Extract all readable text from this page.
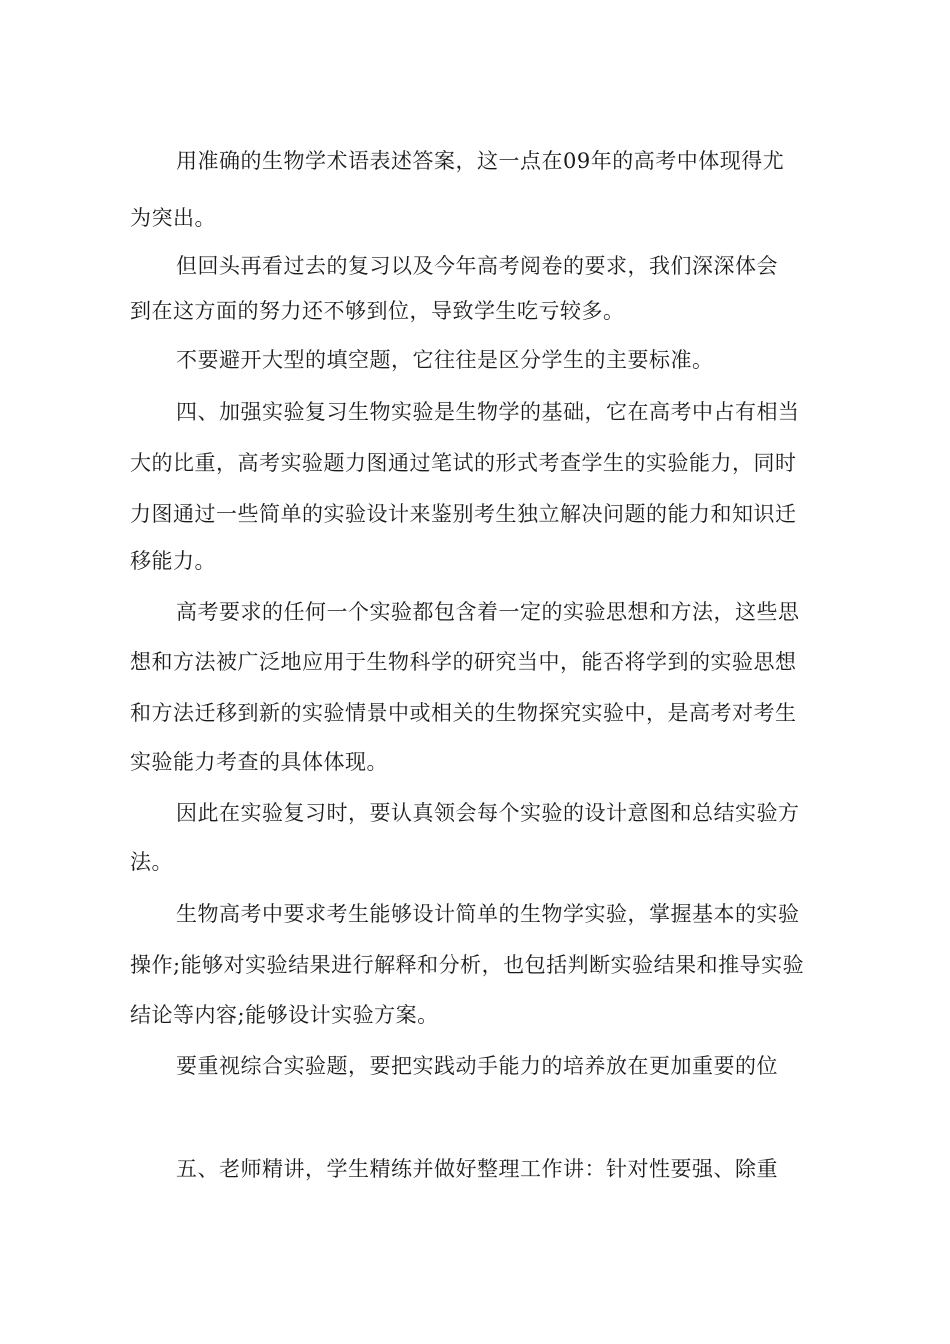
用准确的生物学术语表述答案，这一点在09年的高考中体现得尤
为突出。
但回头再看过去的复习以及今年高考阅卷的要求，我们深深体会
到在这方面的努力还不够到位，导致学生吃亏较多。
不要避开大型的填空题，它往往是区分学生的主要标准。
四、加强实验复习生物实验是生物学的基础，它在高考中占有相当
大的比重，高考实验题力图通过笔试的形式考查学生的实验能力，同时
力图通过一些简单的实验设计来鉴别考生独立解决问题的能力和知识迁
移能力。
高考要求的任何一个实验都包含着一定的实验思想和方法，这些思
想和方法被广泛地应用于生物科学的研究当中，能否将学到的实验思想
和方法迁移到新的实验情景中或相关的生物探究实验中，是高考对考生
实验能力考查的具体体现。
因此在实验复习时，要认真领会每个实验的设计意图和总结实验方
法。
生物高考中要求考生能够设计简单的生物学实验，掌握基本的实验
操作;能够对实验结果进行解释和分析，也包括判断实验结果和推导实验
结论等内容;能够设计实验方案。
要重视综合实验题，要把实践动手能力的培养放在更加重要的位
五、老师精讲，学生精练并做好整理工作讲：针对性要强、除重
